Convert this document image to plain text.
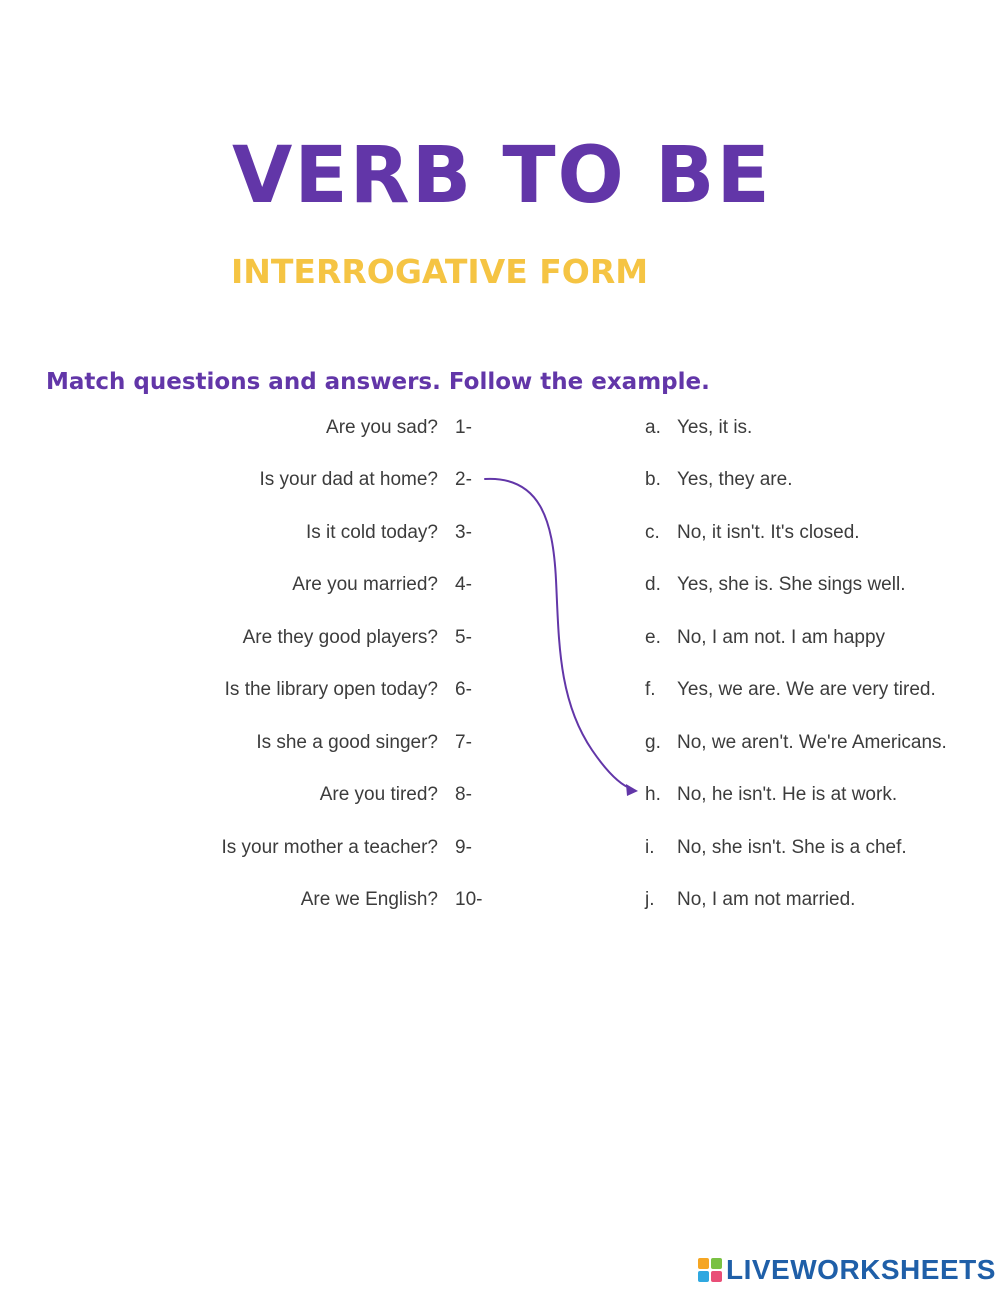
VERB TO BE
INTERROGATIVE FORM

Match questions and answers. Follow the example.

Are you sad? 1-	a. Yes, it is.
Is your dad at home? 2-	b. Yes, they are.
Is it cold today? 3-	c. No, it isn't. It's closed.
Are you married? 4-	d. Yes, she is. She sings well.
Are they good players? 5-	e. No, I am not. I am happy
Is the library open today? 6-	f. Yes, we are. We are very tired.
Is she a good singer? 7-	g. No, we aren't. We're Americans.
Are you tired? 8-	h. No, he isn't. He is at work.
Is your mother a teacher? 9-	i. No, she isn't. She is a chef.
Are we English? 10-	j. No, I am not married.
LIVEWORKSHEETS
